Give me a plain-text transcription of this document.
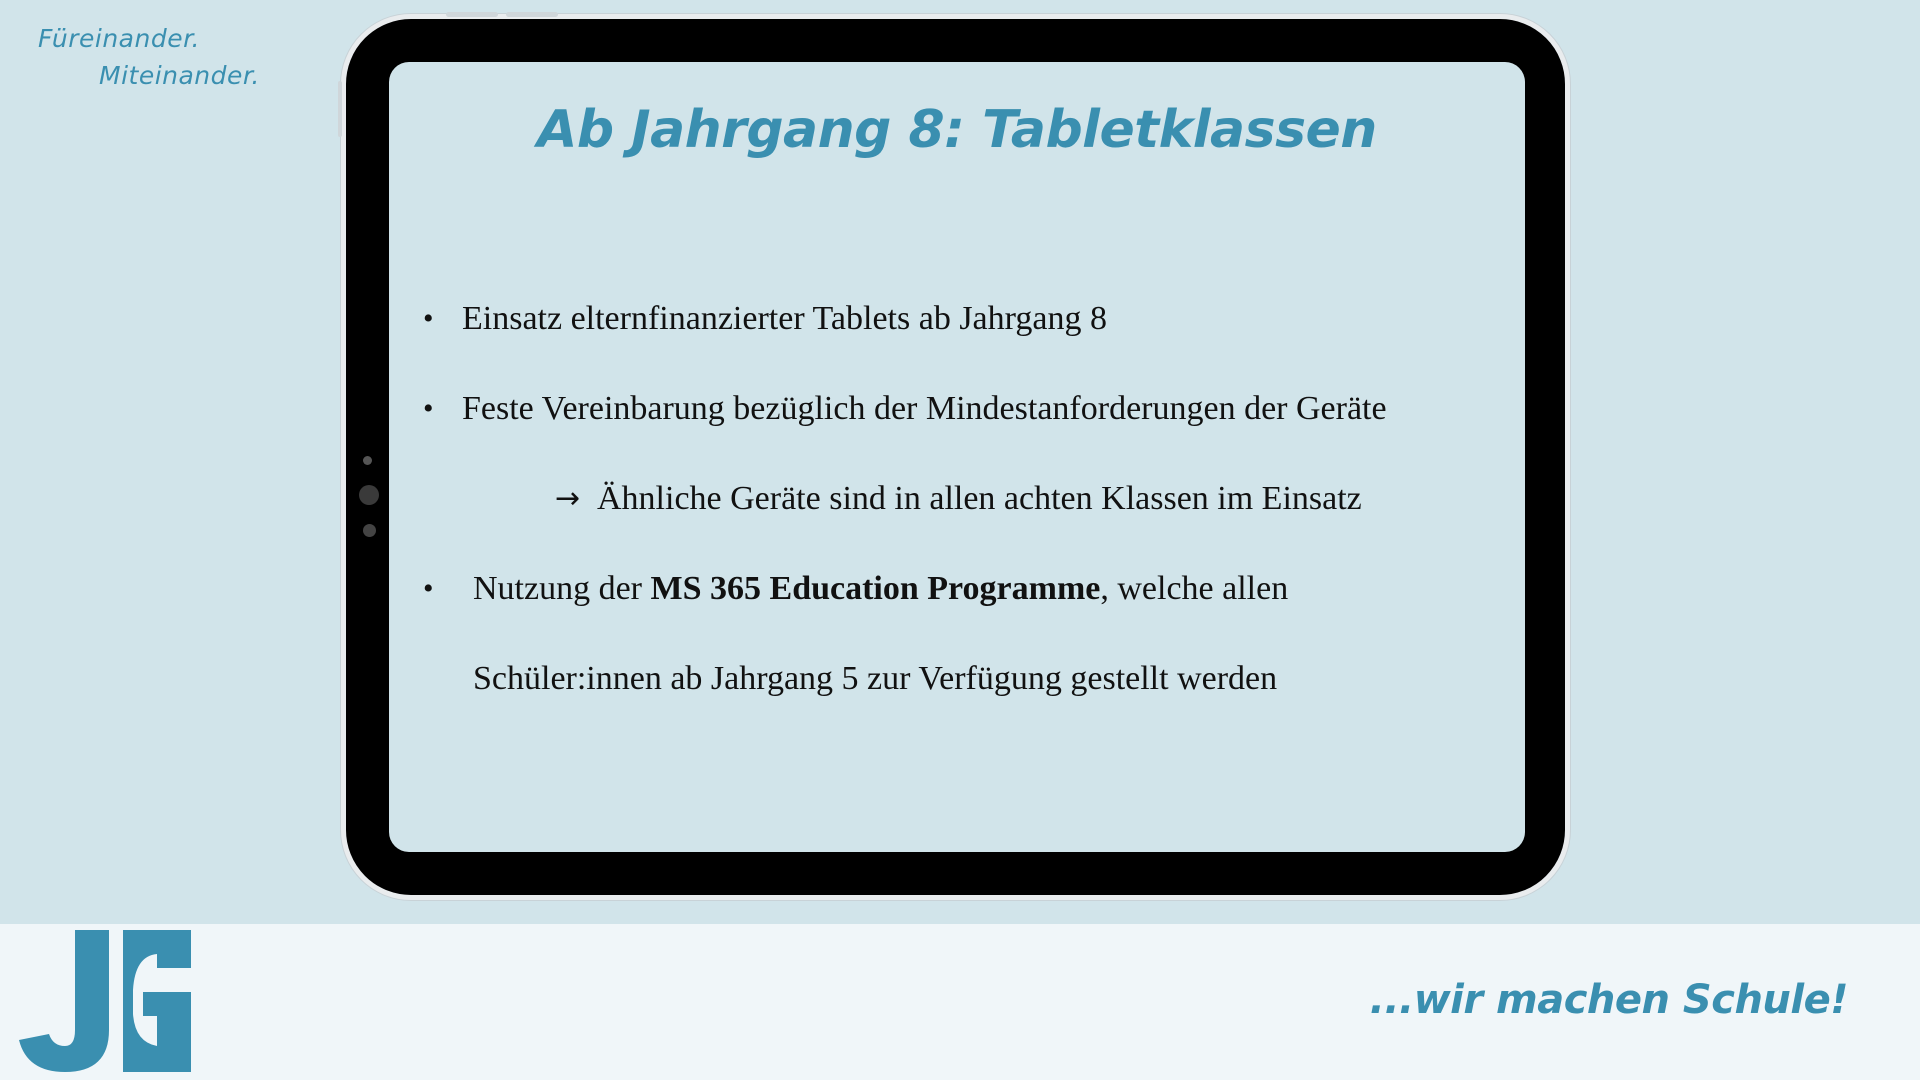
Füreinander.
Miteinander.
Ab Jahrgang 8: Tabletklassen
• Einsatz elternfinanzierter Tablets ab Jahrgang 8
• Feste Vereinbarung bezüglich der Mindestanforderungen der Geräte
→ Ähnliche Geräte sind in allen achten Klassen im Einsatz
• Nutzung der MS 365 Education Programme, welche allen
Schüler:innen ab Jahrgang 5 zur Verfügung gestellt werden
...wir machen Schule!
